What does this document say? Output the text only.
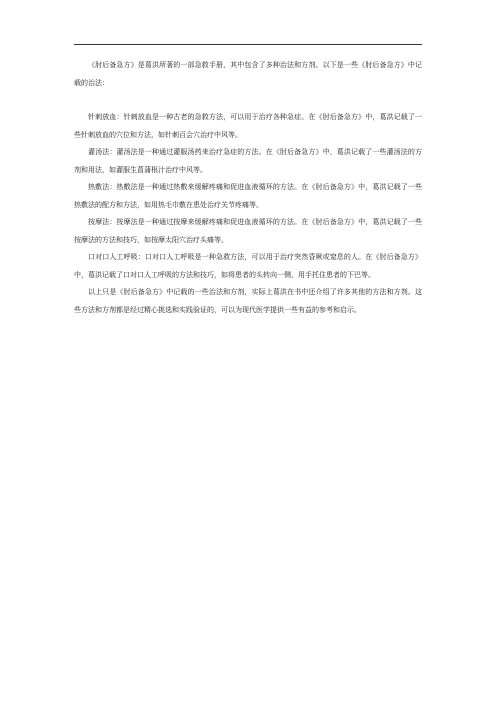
《肘后备急方》是葛洪所著的一部急救手册，其中包含了多种治法和方剂。以下是一些《肘后备急方》中记载的治法：

针刺放血：针刺放血是一种古老的急救方法，可以用于治疗各种急症。在《肘后备急方》中，葛洪记载了一些针刺放血的穴位和方法，如针刺百会穴治疗中风等。

灌汤法：灌汤法是一种通过灌服汤药来治疗急症的方法。在《肘后备急方》中，葛洪记载了一些灌汤法的方剂和用法，如灌服生菖蒲根汁治疗中风等。

热敷法：热敷法是一种通过热敷来缓解疼痛和促进血液循环的方法。在《肘后备急方》中，葛洪记载了一些热敷法的配方和方法，如用热毛巾敷在患处治疗关节疼痛等。

按摩法：按摩法是一种通过按摩来缓解疼痛和促进血液循环的方法。在《肘后备急方》中，葛洪记载了一些按摩法的方法和技巧，如按摩太阳穴治疗头痛等。

口对口人工呼吸：口对口人工呼吸是一种急救方法，可以用于治疗突然昏厥或窒息的人。在《肘后备急方》中，葛洪记载了口对口人工呼吸的方法和技巧，如将患者的头转向一侧，用手托住患者的下巴等。

以上只是《肘后备急方》中记载的一些治法和方剂，实际上葛洪在书中还介绍了许多其他的方法和方剂。这些方法和方剂都是经过精心挑选和实践验证的，可以为现代医学提供一些有益的参考和启示。
